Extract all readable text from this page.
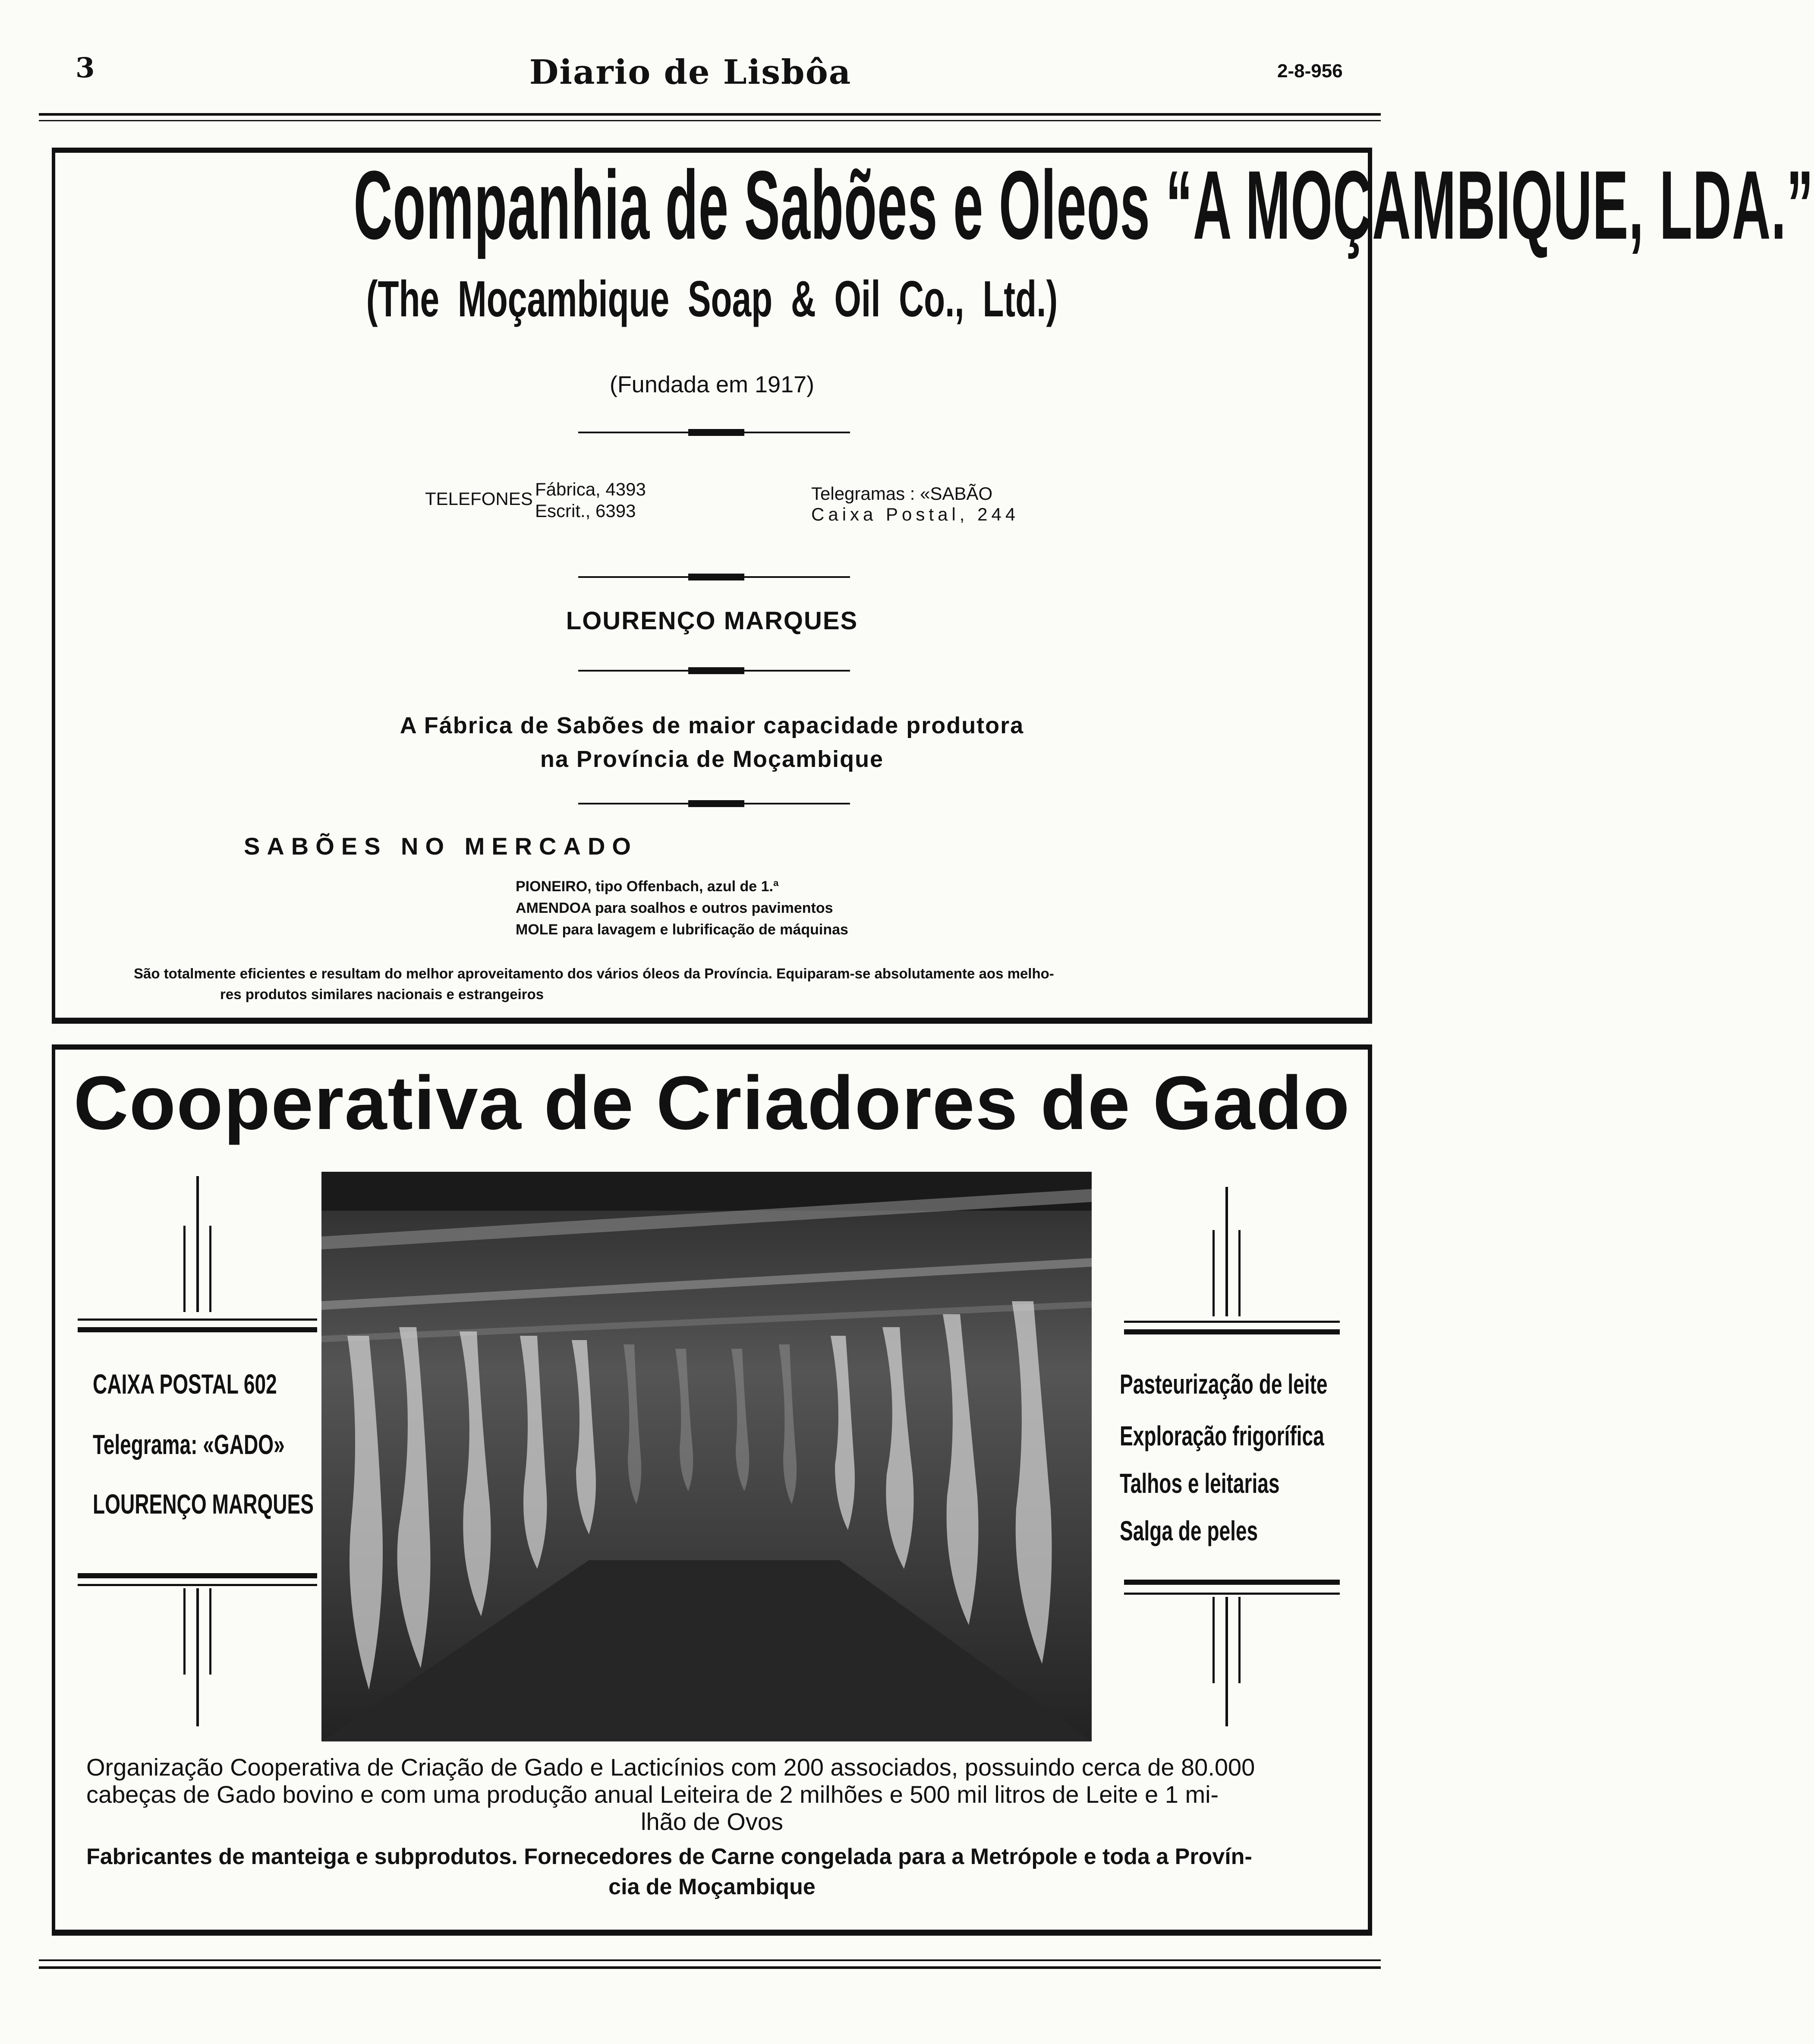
3	Diario de Lisbôa	2-8-956
Companhia de Sabões e Oleos “A MOÇAMBIQUE, LDA.”
(The Moçambique Soap & Oil Co., Ltd.)
(Fundada em 1917)
TELEFONES Fábrica, 4393
Escrit., 6393
Telegramas : «SABÃO
Caixa Postal, 244
LOURENÇO MARQUES
A Fábrica de Sabões de maior capacidade produtora
na Província de Moçambique
SABÕES NO MERCADO
PIONEIRO, tipo Offenbach, azul de 1.ª
AMENDOA para soalhos e outros pavimentos
MOLE para lavagem e lubrificação de máquinas
São totalmente eficientes e resultam do melhor aproveitamento dos vários óleos da Província. Equiparam-se absolutamente aos melho-
res produtos similares nacionais e estrangeiros
Cooperativa de Criadores de Gado
CAIXA POSTAL 602
Telegrama: «GADO»
LOURENÇO MARQUES
Pasteurização de leite
Exploração frigorífica
Talhos e leitarias
Salga de peles
Organização Cooperativa de Criação de Gado e Lacticínios com 200 associados, possuindo cerca de 80.000
cabeças de Gado bovino e com uma produção anual Leiteira de 2 milhões e 500 mil litros de Leite e 1 mi-
lhão de Ovos
Fabricantes de manteiga e subprodutos. Fornecedores de Carne congelada para a Metrópole e toda a Provín-
cia de Moçambique
